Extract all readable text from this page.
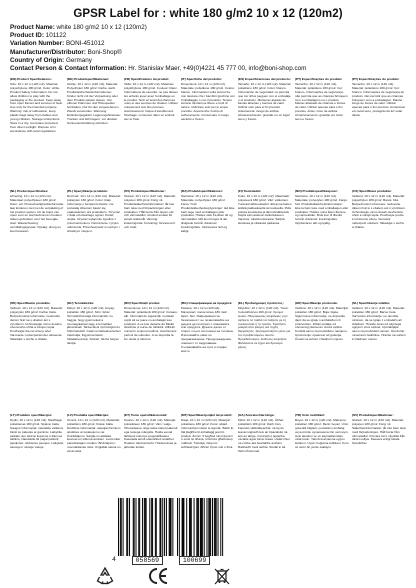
GPSR Label for : white 180 g/m2 10 x 12 (120m2)
Product Name: white 180 g/m2 10 x 12 (120m2)
Product ID: 101122
Variation Number: BONI-451012
Manufacturer/Distributor: Boni-Shop®
Country of Origin: Germany
Contact Person & Contact Information: Hr. Stanislav Maer, +49(0)4221 45 777 00, info@boni-shop.com
(EN) Product Specifications:

Size: 10 x 12 m (120 m2). Material: polyethylene 180 g/m2. Color: white. Product Safety Information: Do not allow children to play with the packaging or the product. Keep away from open flames and sources of heat. Use only for the intended purpose. Warning: risk of suffocation, keep plastic bags away from babies and young children. Storage Instructions: Store in a dry, cool place protected from direct sunlight. Dispose of in accordance with local regulations.

(DE) Produktspezifikationen:

Größe: 10 x 12 m (120 m2). Material: Polyethylen 180 g/m2. Farbe: weiß. Produktsicherheitsinformationen: Kinder nicht mit der Verpackung oder dem Produkt spielen lassen. Von offenen Flammen und Hitzequellen fernhalten. Nur für den vorgesehenen Zweck verwenden. Warnung: Erstickungsgefahr. Lagerungshinweise: Trocken und kühl lagern, vor direkter Sonneneinstrahlung schützen.

(FR) Spécifications du produit:

Taille: 10 x 12 m (120 m2). Matériau: polyéthylène 180 g/m2. Couleur: blanc. Informations de sécurité: ne pas laisser les enfants jouer avec l'emballage ou le produit. Tenir à l'écart des flammes nues et des sources de chaleur. Utiliser uniquement aux fins prévues. Avertissement: risque d'étouffement. Stockage: conserver dans un endroit sec et frais.

(IT) Specifiche del prodotto:

Dimensioni: 10 x 12 m (120 m2). Materiale: polietilene 180 g/m2. Colore: bianco. Informazioni sulla sicurezza: non lasciare che i bambini giochino con l'imballaggio o con il prodotto. Tenere lontano da fiamme libere e fonti di calore. Utilizzare solo per lo scopo previsto. Avvertenza: rischio di soffocamento. Conservare in luogo asciutto e fresco.

(ES) Especificaciones del producto:

Tamaño: 10 x 12 m (120 m2). Material: polietileno 180 g/m2. Color: blanco. Información de seguridad: no permita que los niños jueguen con el embalaje o el producto. Mantener alejado de llamas abiertas y fuentes de calor. Utilizar solo para el fin previsto. Advertencia: riesgo de asfixia. Almacenamiento: guardar en un lugar seco y fresco.

(PT) Especificações do produto:

Tamanho: 10 x 12 m (120 m2). Material: polietileno 180 g/m2. Cor: branco. Informações de segurança: não permita que as crianças brinquem com a embalagem ou o produto. Manter afastado de chamas e fontes de calor. Utilizar apenas para o fim previsto. Aviso: risco de asfixia. Armazenamento: guardar em local seco e fresco.

(PT) Especificações do produto:

Tamanho: 10 x 12 m (120 m2). Material: polietileno 180 g/m2. Cor: branco. Informações de segurança do produto: não permitir que as crianças brinquem com a embalagem. Manter longe de fontes de calor. Utilizar apenas para o fim previsto. Armazenar em local seco, protegido da luz solar direta.

(NL) Productspecificaties:

Afmeting: 10 x 12 m (120 m2). Materiaal: polyethyleen 180 g/m2. Kleur: wit. Productveiligheidsinformatie: laat kinderen niet met de verpakking of het product spelen. Uit de buurt van open vuur en warmtebronnen houden. Alleen gebruiken voor het beoogde doel. Waarschuwing: verstikkingsgevaar. Opslag: droog en koel bewaren.

(PL) Specyfikacje produktu:

Rozmiar: 10 x 12 m (120 m2). Materiał: polietylen 180 g/m2. Kolor: biały. Informacje o bezpieczeństwie: nie pozwalaj dzieciom bawić się opakowaniem ani produktem. Trzymać z dala od otwartego ognia i źródeł ciepła. Używać wyłącznie zgodnie z przeznaczeniem. Ostrzeżenie: ryzyko uduszenia. Przechowywać w suchym i chłodnym miejscu.

(SV) Produktspecifikationer:

Storlek: 10 x 12 m (120 m2). Material: polyeten 180 g/m2. Färg: vit. Produktsäkerhetsinformation: låt inte barn leka med förpackningen eller produkten. Håll borta från öppen eld och värmekällor. Använd endast för avsett ändamål. Varning: kvävningsrisk. Förvaring: förvara torrt och svalt.

(DA) Produktspecifikationer:

Størrelse: 10 x 12 m (120 m2). Materiale: polyethylen 180 g/m2. Farve: hvid. Produktsikkerhedsoplysninger: lad ikke børn lege med emballagen eller produktet. Holdes væk fra åben ild og varmekilder. Må kun bruges til det tilsigtede formål. Advarsel: kvælningsfare. Opbevares tørt og køligt.

(FI) Tuotetiedot:

Koko: 10 x 12 m (120 m2). Materiaali: polyeteeni 180 g/m2. Väri: valkoinen. Tuoteturvallisuustiedot: älä anna lasten leikkiä pakkauksella tai tuotteella. Pidä poissa avotulesta ja lämmönlähteistä. Käytä vain aiottuun tarkoitukseen. Varoitus: tukehtumisvaara. Säilytä kuivassa ja viileässä paikassa.

(NO) Produktspesifikasjoner:

Størrelse: 10 x 12 m (120 m2). Materiale: polyetylen 180 g/m2. Farge: hvit. Produktsikkerhetsinformasjon: ikke la barn leke med emballasjen eller produktet. Holdes unna åpen flamme og varmekilder. Bruk kun til tiltenkt formål. Advarsel: kvelningsfare. Oppbevares tørt og kjølig.

(CS) Specifikace produktu:

Velikost: 10 x 12 m (120 m2). Materiál: polyethylen 180 g/m2. Barva: bílá. Bezpečnostní informace: nedovolte dětem hrát si s obalem ani s výrobkem. Uchovávejte mimo dosah otevřeného ohně a zdrojů tepla. Používejte pouze k určenému účelu. Varování: nebezpečí udušení. Skladujte v suchu a chladu.

(SK) Špecifikácie produktu:

Veľkosť: 10 x 12 m (120 m2). Materiál: polyetylén 180 g/m2. Farba: biela. Bezpečnostné informácie: nedovoľte deťom hrať sa s obalom ani s výrobkom. Uchovávajte mimo dosahu otvoreného ohňa a zdrojov tepla. Používajte iba na určený účel. Varovanie: nebezpečenstvo udusenia. Skladujte v suchu a chlade.

(HU) Termékleírás:

Méret: 10 x 12 m (120 m2). Anyag: polietilén 180 g/m2. Szín: fehér. Termékbiztonsági információk: ne hagyja, hogy gyermekek a csomagolással vagy a termékkel játsszanak. Tartsa távol nyílt lángtól és hőforrásoktól. Csak rendeltetésszerűen használja. Figyelmeztetés: fulladásveszély. Száraz, hűvös helyen tárolja.

(RO) Specificații produs:

Dimensiune: 10 x 12 m (120 m2). Material: polietilenă 180 g/m2. Culoare: alb. Informații de siguranță: nu lăsați copiii să se joace cu ambalajul sau produsul. A se ține departe de flăcări deschise și surse de căldură. Utilizați numai în scopul prevăzut. Avertisment: pericol de sufocare. A se depozita la loc uscat și răcoros.

(BG) Спецификации на продукта:

Размер: 10 x 12 м (120 м2). Материал: полиетилен 180 г/м2. Цвят: бял. Информация за безопасност: не позволявайте на децата да си играят с опаковката или продукта. Дръжте далеч от открит огън и източници на топлина. Използвайте само по предназначение. Предупреждение: опасност от задушаване. Съхранявайте на сухо и хладно място.

(EL) Προδιαγραφές προϊόντος:

Μέγεθος: 10 x 12 m (120 m2). Υλικό: πολυαιθυλένιο 180 g/m2. Χρώμα: λευκό. Πληροφορίες ασφάλειας: μην αφήνετε τα παιδιά να παίζουν με τη συσκευασία ή το προϊόν. Κρατήστε μακριά από φλόγες και πηγές θερμότητας. Χρησιμοποιήστε μόνο για τον προβλεπόμενο σκοπό. Προειδοποίηση: κίνδυνος ασφυξίας. Φυλάσσετε σε ξηρό και δροσερό μέρος.

(HR) Specifikacije proizvoda:

Veličina: 10 x 12 m (120 m2). Materijal: polietilen 180 g/m2. Boja: bijela. Sigurnosne informacije: ne dopustite djeci da se igraju s ambalažom ili proizvodom. Držati podalje od otvorenog plamena i izvora topline. Koristiti samo za predviđenu namjenu. Upozorenje: opasnost od gušenja. Čuvati na suhom i hladnom mjestu.

(SL) Specifikacije izdelka:

Velikost: 10 x 12 m (120 m2). Material: polietilen 180 g/m2. Barva: bela. Varnostne informacije: ne dovolite otrokom, da se igrajo z embalažo ali izdelkom. Hranite stran od odprtega ognja in virov toplote. Uporabljajte samo za predvideni namen. Opozorilo: nevarnost zadušitve. Hranite na suhem in hladnem mestu.

(LT) Produkto specifikacijos:

Dydis: 10 x 12 m (120 m2). Medžiaga: polietilenas 180 g/m2. Spalva: balta. Saugos informacija: neleiskite vaikams žaisti su pakuote ar gaminiu. Laikykite atokiau nuo atviros liepsnos ir šilumos šaltinių. Naudokite tik pagal paskirtį. Įspėjimas: uždusimo pavojus. Laikykite sausoje ir vėsioje vietoje.

(LV) Produkta specifikācijas:

Izmērs: 10 x 12 m (120 m2). Materiāls: polietilēns 180 g/m2. Krāsa: balta. Drošības informācija: neļaujiet bērniem spēlēties ar iepakojumu vai izstrādājumu. Sargāt no atklātas liesmas un siltuma avotiem. Lietot tikai paredzētajam mērķim. Brīdinājums: nosmakšanas risks. Uzglabāt sausā un vēsā vietā.

(ET) Toote spetsifikatsioonid:

Suurus: 10 x 12 m (120 m2). Materjal: polüetüleen 180 g/m2. Värv: valge. Ohutusteave: ärge laske lastel pakendi ega tootega mängida. Hoida eemal lahtisest tulest ja soojusallikatest. Kasutada ainult ettenähtud otstarbel. Hoiatus: lämbumisoht. Hoida kuivas ja jahedas kohas.

(MT) Speċifikazzjonijiet tal-prodott:

Daqs: 10 x 12 m (120 m2). Materjal: polietilene 180 g/m2. Kulur: abjad. Informazzjoni dwar is-sigurtà: tħallix lit-tfal jilagħbu bl-imballaġġ jew bil-prodott. Żomm 'il bogħod minn fjammi u sorsi ta' sħana. Uża biss għall-iskop maħsub. Twissija: riskju ta' soffokazzjoni. Aħżen f'post xott u frisk.

(GA) Sonraíochtaí táirge:

Méid: 10 x 12 m (120 m2). Ábhar: poileitiléin 180 g/m2. Dath: bán. Faisnéis sábháilteachta: ná lig do leanaí súgradh leis an bpacáistiú ná leis an táirge. Coinnigh ó lasracha oscailte agus foinsí teasa. Úsáid chun na críche atá beartaithe amháin. Rabhadh: baol tachta. Stóráil in áit thirim fhionnuar.

(TR) Ürün özellikleri:

Boyut: 10 x 12 m (120 m2). Malzeme: polietilen 180 g/m2. Renk: beyaz. Ürün güvenlik bilgileri: çocukların ambalaj veya ürünle oynamasına izin vermeyin. Açık alevden ve ısı kaynaklarından uzak tutun. Yalnızca amacına uygun kullanın. Uyarı: boğulma tehlikesi. Kuru ve serin bir yerde saklayın.

(SV) Produktspecifikationer:

Storlek: 10 x 12 m (120 m2). Material: polyeten 180 g/m2. Färg: vit. Säkerhetsinformation: låt inte barn leka med förpackningen. Håll borta från värmekällor. Förvara torrt, skyddat från direkt solljus. Kassera enligt lokala föreskrifter.

4	058569	100699
